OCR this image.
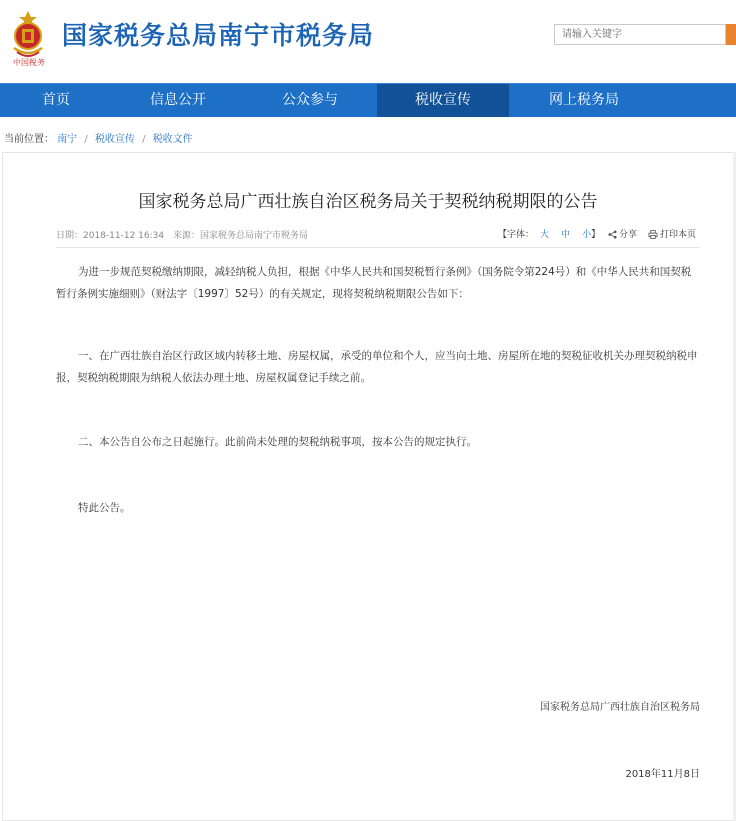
中国税务
国家税务总局南宁市税务局
请输入关键字
首页	信息公开	公众参与	税收宣传	网上税务局
当前位置： 南宁 / 税收宣传 / 税收文件
国家税务总局广西壮族自治区税务局关于契税纳税期限的公告
日期：2018-11-12 16:34 来源：国家税务总局南宁市税务局	【字体： 大 中 小】	分享	打印本页
为进一步规范契税缴纳期限，减轻纳税人负担，根据《中华人民共和国契税暂行条例》（国务院令第224号）和《中华人民共和国契税暂行条例实施细则》（财法字〔1997〕52号）的有关规定，现将契税纳税期限公告如下：
一、在广西壮族自治区行政区域内转移土地、房屋权属，承受的单位和个人，应当向土地、房屋所在地的契税征收机关办理契税纳税申报，契税纳税期限为纳税人依法办理土地、房屋权属登记手续之前。
二、本公告自公布之日起施行。此前尚未处理的契税纳税事项，按本公告的规定执行。
特此公告。
国家税务总局广西壮族自治区税务局
2018年11月8日
